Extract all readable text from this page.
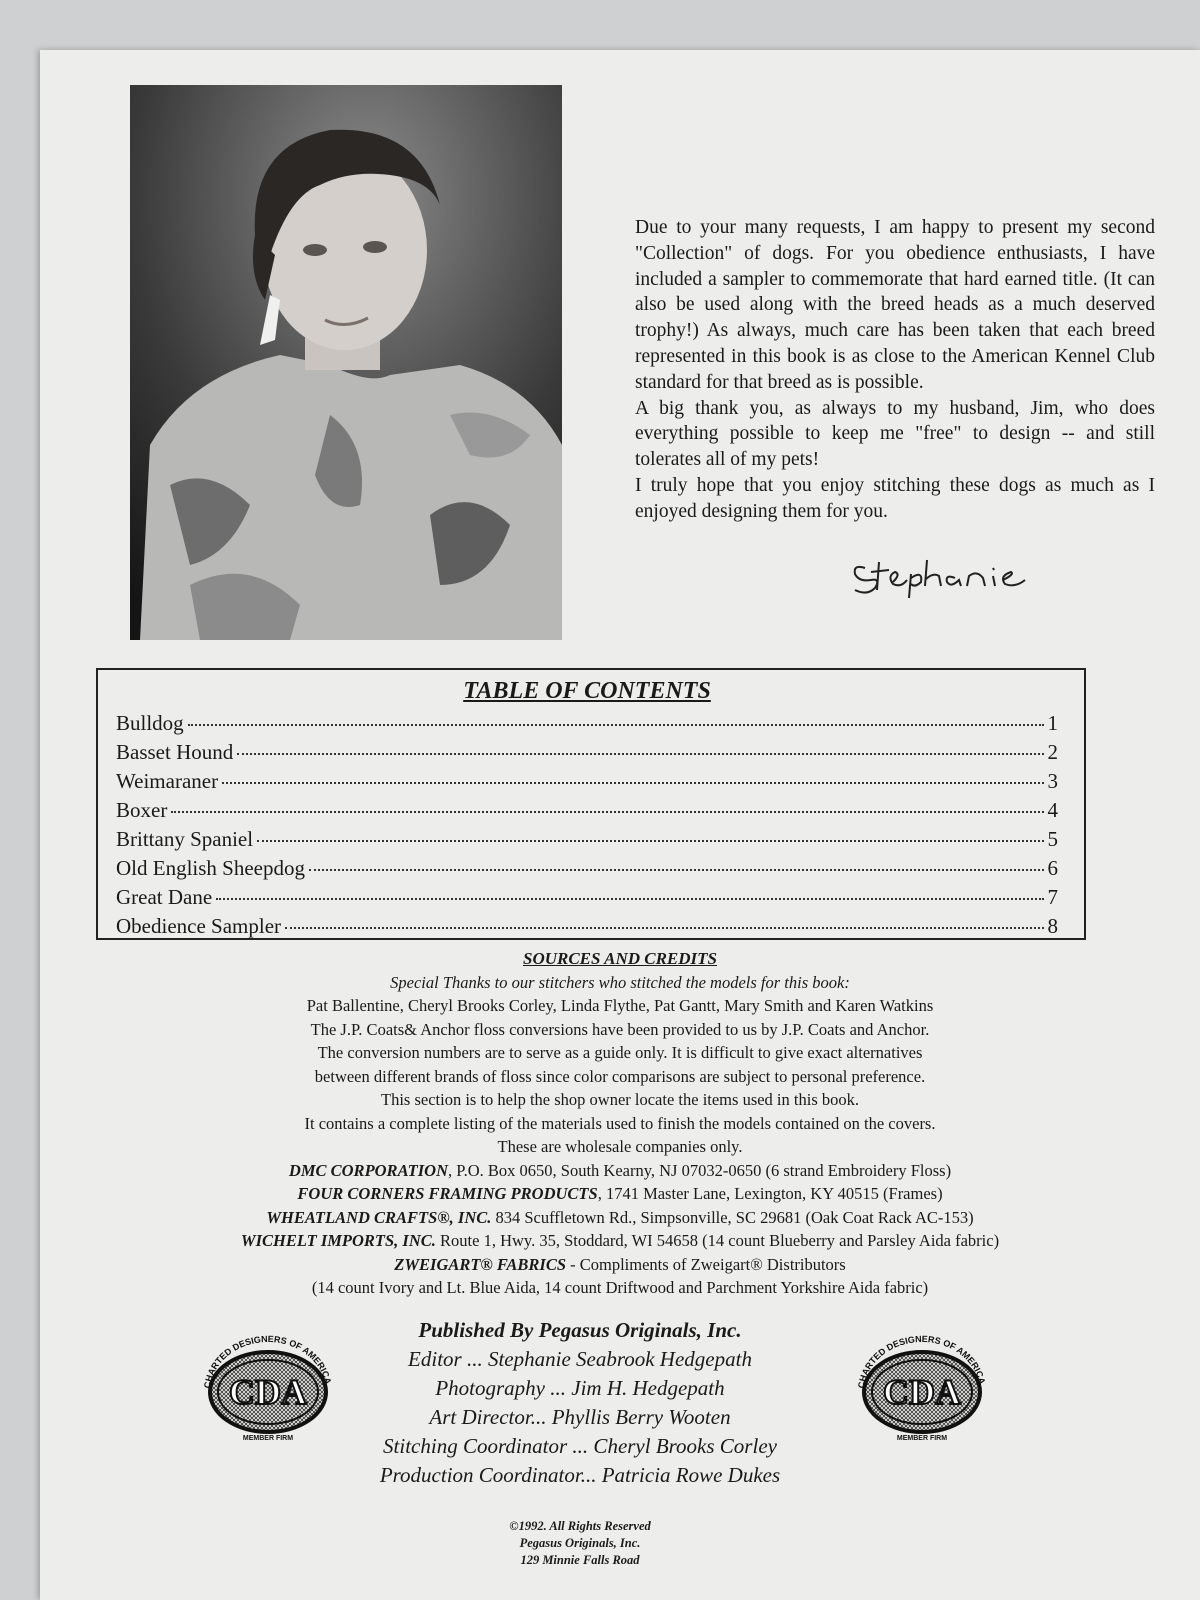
Due to your many requests, I am happy to present my second "Collection" of dogs. For you obedience enthusiasts, I have included a sampler to commemorate that hard earned title. (It can also be used along with the breed heads as a much deserved trophy!) As always, much care has been taken that each breed represented in this book is as close to the American Kennel Club standard for that breed as is possible.

A big thank you, as always to my husband, Jim, who does everything possible to keep me "free" to design -- and still tolerates all of my pets!

I truly hope that you enjoy stitching these dogs as much as I enjoyed designing them for you.

TABLE OF CONTENTS
Bulldog	1
Basset Hound	2
Weimaraner	3
Boxer	4
Brittany Spaniel	5
Old English Sheepdog	6
Great Dane	7
Obedience Sampler	8

SOURCES AND CREDITS

Special Thanks to our stitchers who stitched the models for this book:

Pat Ballentine, Cheryl Brooks Corley, Linda Flythe, Pat Gantt, Mary Smith and Karen Watkins

The J.P. Coats& Anchor floss conversions have been provided to us by J.P. Coats and Anchor.

The conversion numbers are to serve as a guide only. It is difficult to give exact alternatives

between different brands of floss since color comparisons are subject to personal preference.

This section is to help the shop owner locate the items used in this book.

It contains a complete listing of the materials used to finish the models contained on the covers.

These are wholesale companies only.

DMC CORPORATION, P.O. Box 0650, South Kearny, NJ 07032-0650 (6 strand Embroidery Floss)

FOUR CORNERS FRAMING PRODUCTS, 1741 Master Lane, Lexington, KY 40515 (Frames)

WHEATLAND CRAFTS®, INC. 834 Scuffletown Rd., Simpsonville, SC 29681 (Oak Coat Rack AC-153)

WICHELT IMPORTS, INC. Route 1, Hwy. 35, Stoddard, WI 54658 (14 count Blueberry and Parsley Aida fabric)

ZWEIGART® FABRICS - Compliments of Zweigart® Distributors

(14 count Ivory and Lt. Blue Aida, 14 count Driftwood and Parchment Yorkshire Aida fabric)

CHARTED DESIGNERS OF AMERICA
CDA
MEMBER FIRM
CHARTED DESIGNERS OF AMERICA
CDA
MEMBER FIRM

Published By Pegasus Originals, Inc.

Editor ... Stephanie Seabrook Hedgepath

Photography ... Jim H. Hedgepath

Art Director... Phyllis Berry Wooten

Stitching Coordinator ... Cheryl Brooks Corley

Production Coordinator... Patricia Rowe Dukes

©1992. All Rights Reserved

Pegasus Originals, Inc.

129 Minnie Falls Road
